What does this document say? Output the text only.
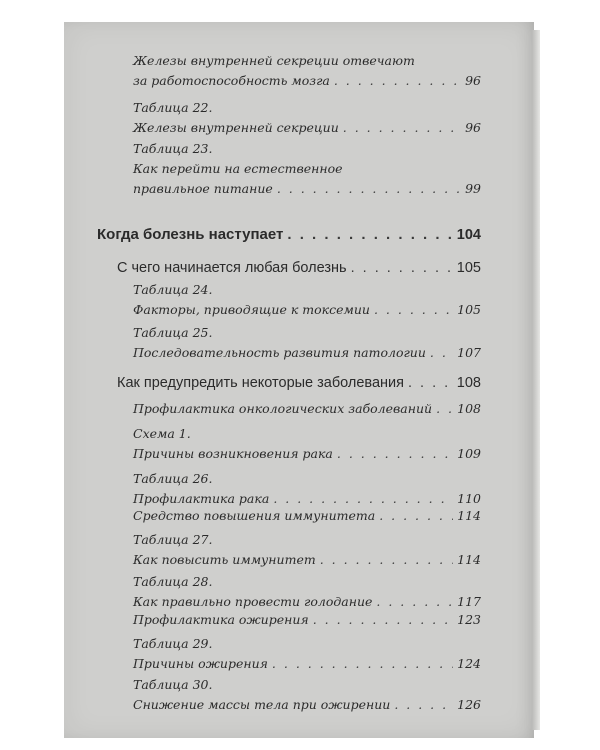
Железы внутренней секреции отвечают
за работоспособность мозга . . .	96
Таблица 22.
Железы внутренней секреции . . .	96
Таблица 23.
Как перейти на естественное
правильное питание . . .	99
Когда болезнь наступает . . .	104
С чего начинается любая болезнь . . .	105
Таблица 24.
Факторы, приводящие к токсемии . . .	105
Таблица 25.
Последовательность развития патологии . . . 107
Как предупредить некоторые заболевания . . .	108
Профилактика онкологических заболеваний . . . 108
Схема 1.
Причины возникновения рака . . .	109
Таблица 26.
Профилактика рака . . .	110
Средство повышения иммунитета . . .	114
Таблица 27.
Как повысить иммунитет . . .	114
Таблица 28.
Как правильно провести голодание . . .	117
Профилактика ожирения . . .	123
Таблица 29.
Причины ожирения . . .	124
Таблица 30.
Снижение массы тела при ожирении . . .	126
